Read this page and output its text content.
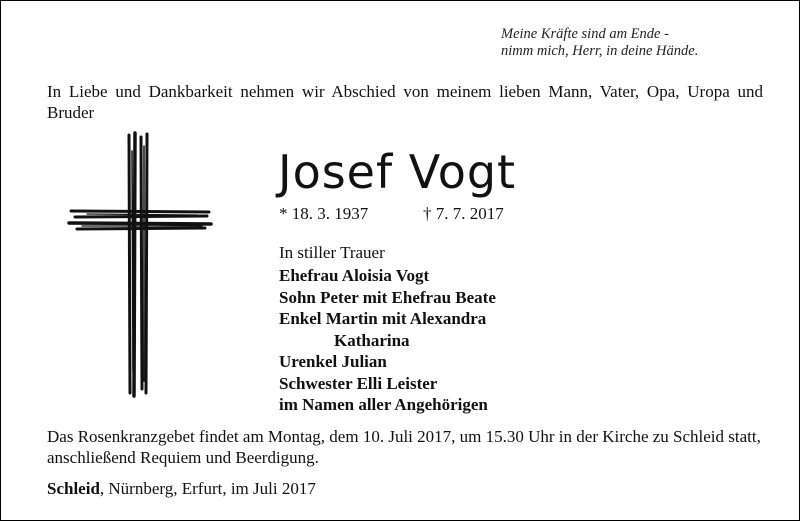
Meine Kräfte sind am Ende -
nimm mich, Herr, in deine Hände.
In Liebe und Dankbarkeit nehmen wir Abschied von meinem lieben Mann, Vater, Opa, Uropa und Bruder
Josef Vogt
* 18. 3. 1937	† 7. 7. 2017
In stiller Trauer
Ehefrau Aloisia Vogt
Sohn Peter mit Ehefrau Beate
Enkel Martin mit Alexandra
Katharina
Urenkel Julian
Schwester Elli Leister
im Namen aller Angehörigen
Das Rosenkranzgebet findet am Montag, dem 10. Juli 2017, um 15.30 Uhr in der Kirche zu Schleid statt, anschließend Requiem und Beerdigung.
Schleid, Nürnberg, Erfurt, im Juli 2017
